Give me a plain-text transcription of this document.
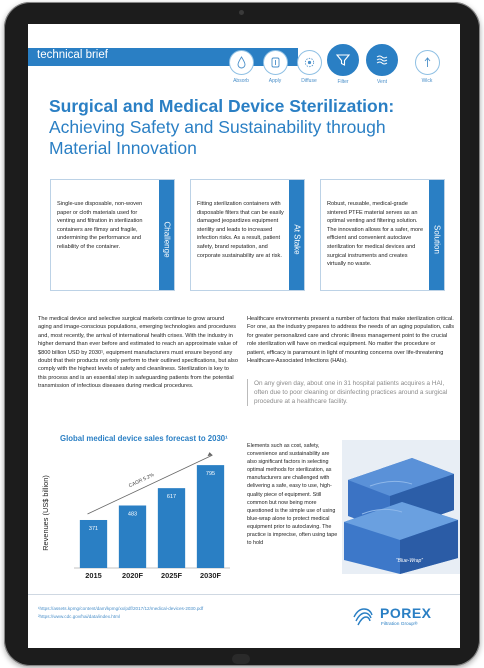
technical brief
Absorb	Apply	Diffuse	Filter	Vent	Wick
Surgical and Medical Device Sterilization:
Achieving Safety and Sustainability through
Material Innovation
Single-use disposable, non-woven paper or cloth materials used for venting and filtration in sterilization containers are flimsy and fragile, undermining the performance and reliability of the container.	Challenge
Fitting sterilization containers with disposable filters that can be easily damaged jeopardizes equipment sterility and leads to increased infection risks. As a result, patient safety, brand reputation, and corporate sustainability are at risk.
At Stake
Robust, reusable, medical-grade sintered PTFE material serves as an optimal venting and filtering solution. The innovation allows for a safer, more efficient and convenient autoclave sterilization for medical devices and surgical instruments and creates virtually no waste.
Solution
The medical device and selective surgical markets continue to grow around aging and image-conscious populations, emerging technologies and procedures and, most recently, the arrival of international health crises. With the industry in higher demand than ever before and estimated to reach an approximate value of $800 billion USD by 2030¹, equipment manufacturers must ensure beyond any doubt that their products not only perform to their outlined specifications, but also comply with the highest levels of safety and cleanliness. Sterilization is key to this process and is an essential step in safeguarding patients from the potential transmission of infectious diseases during medical procedures.
Healthcare environments present a number of factors that make sterilization critical. For one, as the industry prepares to address the needs of an aging population, calls for greater personalized care and chronic illness management point to the crucial role sterilization will have on medical equipment. No matter the procedure or patient, efficacy is paramount in light of mounting concerns over life-threatening Healthcare-Associated Infections (HAIs).
On any given day, about one in 31 hospital patients acquires a HAI, often due to poor cleaning or disinfecting practices around a surgical procedure at a healthcare facility.
Elements such as cost, safety, convenience and sustainability are also significant factors in selecting optimal methods for sterilization, as manufacturers are challenged with delivering a safe, easy to use, high-quality piece of equipment. Still common but now being more questioned is the simple use of using blue-wrap alone to protect medical equipment prior to autoclaving. The practice is imprecise, often using tape to hold
Global medical device sales forecast to 2030¹
Revenues (US$ billion)	371
2015
483
2020F
617
2025F
795
2030F
CAGR 5.2%
“Blue-Wrap”
¹https://assets.kpmg/content/dam/kpmg/xx/pdf/2017/12/medical-devices-2030.pdf
²https://www.cdc.gov/hai/data/index.html	POREX
Filtration Group®
